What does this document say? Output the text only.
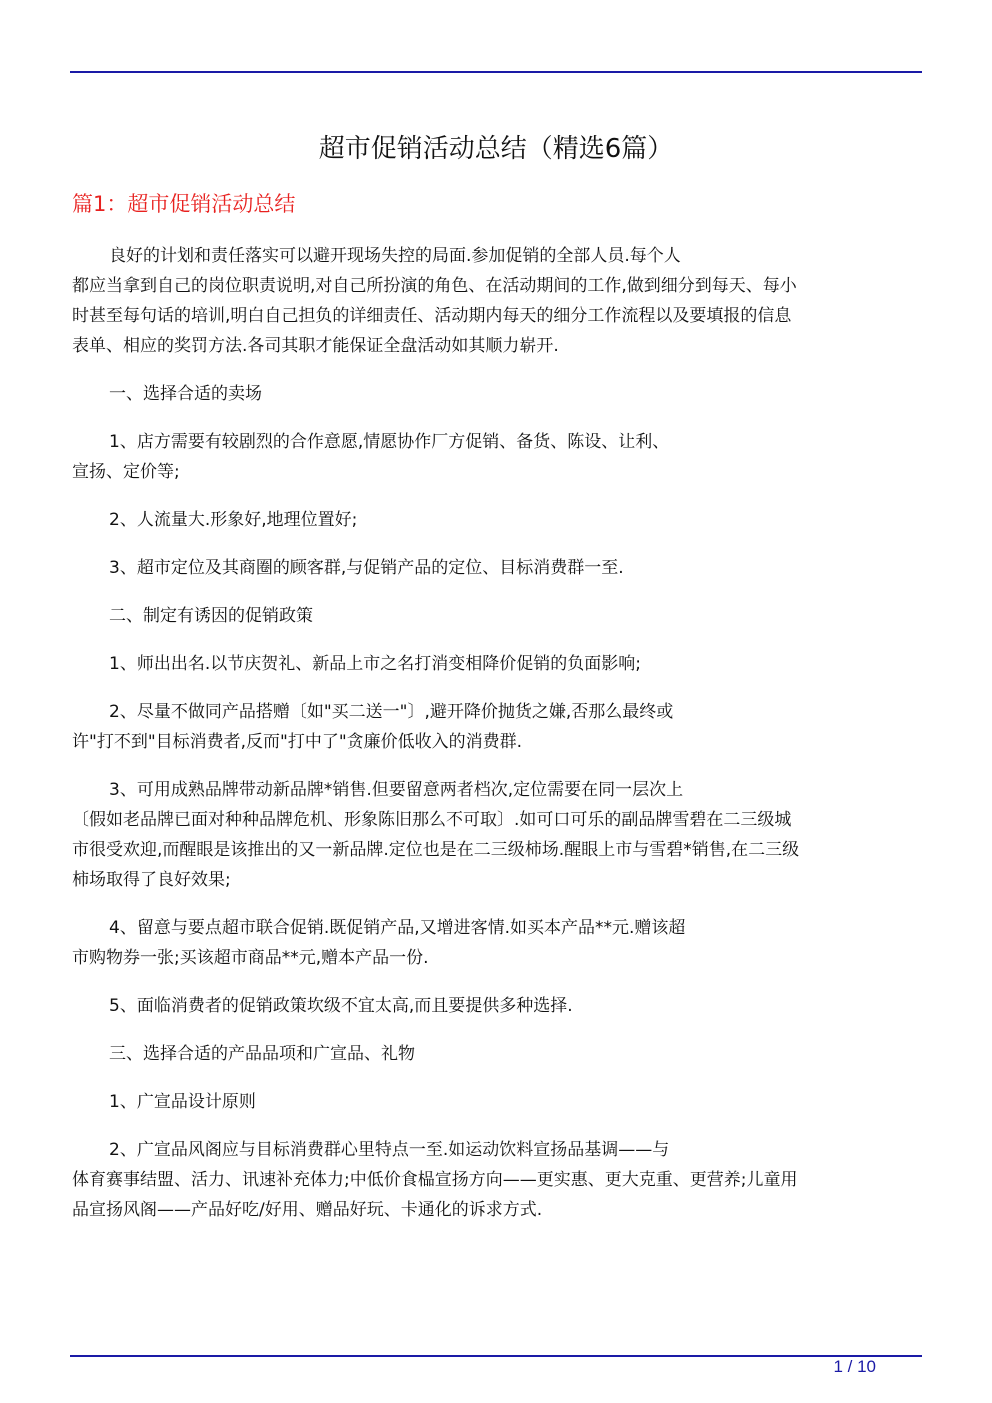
超市促销活动总结（精选6篇）
篇1：超市促销活动总结
良好的计划和责任落实可以避开现场失控的局面.参加促销的全部人员.每个人
都应当拿到自己的岗位职责说明,对自己所扮演的角色、在活动期间的工作,做到细分到每天、每小
时甚至每句话的培训,明白自己担负的详细责任、活动期内每天的细分工作流程以及要填报的信息
表单、相应的奖罚方法.各司其职才能保证全盘活动如其顺力崭开.
一、选择合适的卖场
1、店方需要有较剧烈的合作意愿,情愿协作厂方促销、备货、陈设、让利、
宣扬、定价等;
2、人流量大.形象好,地理位置好;
3、超市定位及其商圈的顾客群,与促销产品的定位、目标消费群一至.
二、制定有诱因的促销政策
1、师出出名.以节庆贺礼、新品上市之名打消变相降价促销的负面影响;
2、尽量不做同产品搭赠〔如"买二送一"〕,避开降价抛货之嫌,否那么最终或
许"打不到"目标消费者,反而"打中了"贪廉价低收入的消费群.
3、可用成熟品牌带动新品牌*销售.但要留意两者档次,定位需要在同一层次上
〔假如老品牌已面对种种品牌危机、形象陈旧那么不可取〕.如可口可乐的副品牌雪碧在二三级城
市很受欢迎,而醒眼是该推出的又一新品牌.定位也是在二三级柿场.醒眼上市与雪碧*销售,在二三级
柿场取得了良好效果;
4、留意与要点超市联合促销.既促销产品,又增进客情.如买本产品**元.赠该超
市购物券一张;买该超市商品**元,赠本产品一份.
5、面临消费者的促销政策坎级不宜太高,而且要提供多种选择.
三、选择合适的产品品项和广宣品、礼物
1、广宣品设计原则
2、广宣品风阁应与目标消费群心里特点一至.如运动饮料宣扬品基调——与
体育赛事结盟、活力、讯速补充体力;中低价食榀宣扬方向——更实惠、更大克重、更营养;儿童用
品宣扬风阁——产品好吃/好用、赠品好玩、卡通化的诉求方式.
1 / 10
